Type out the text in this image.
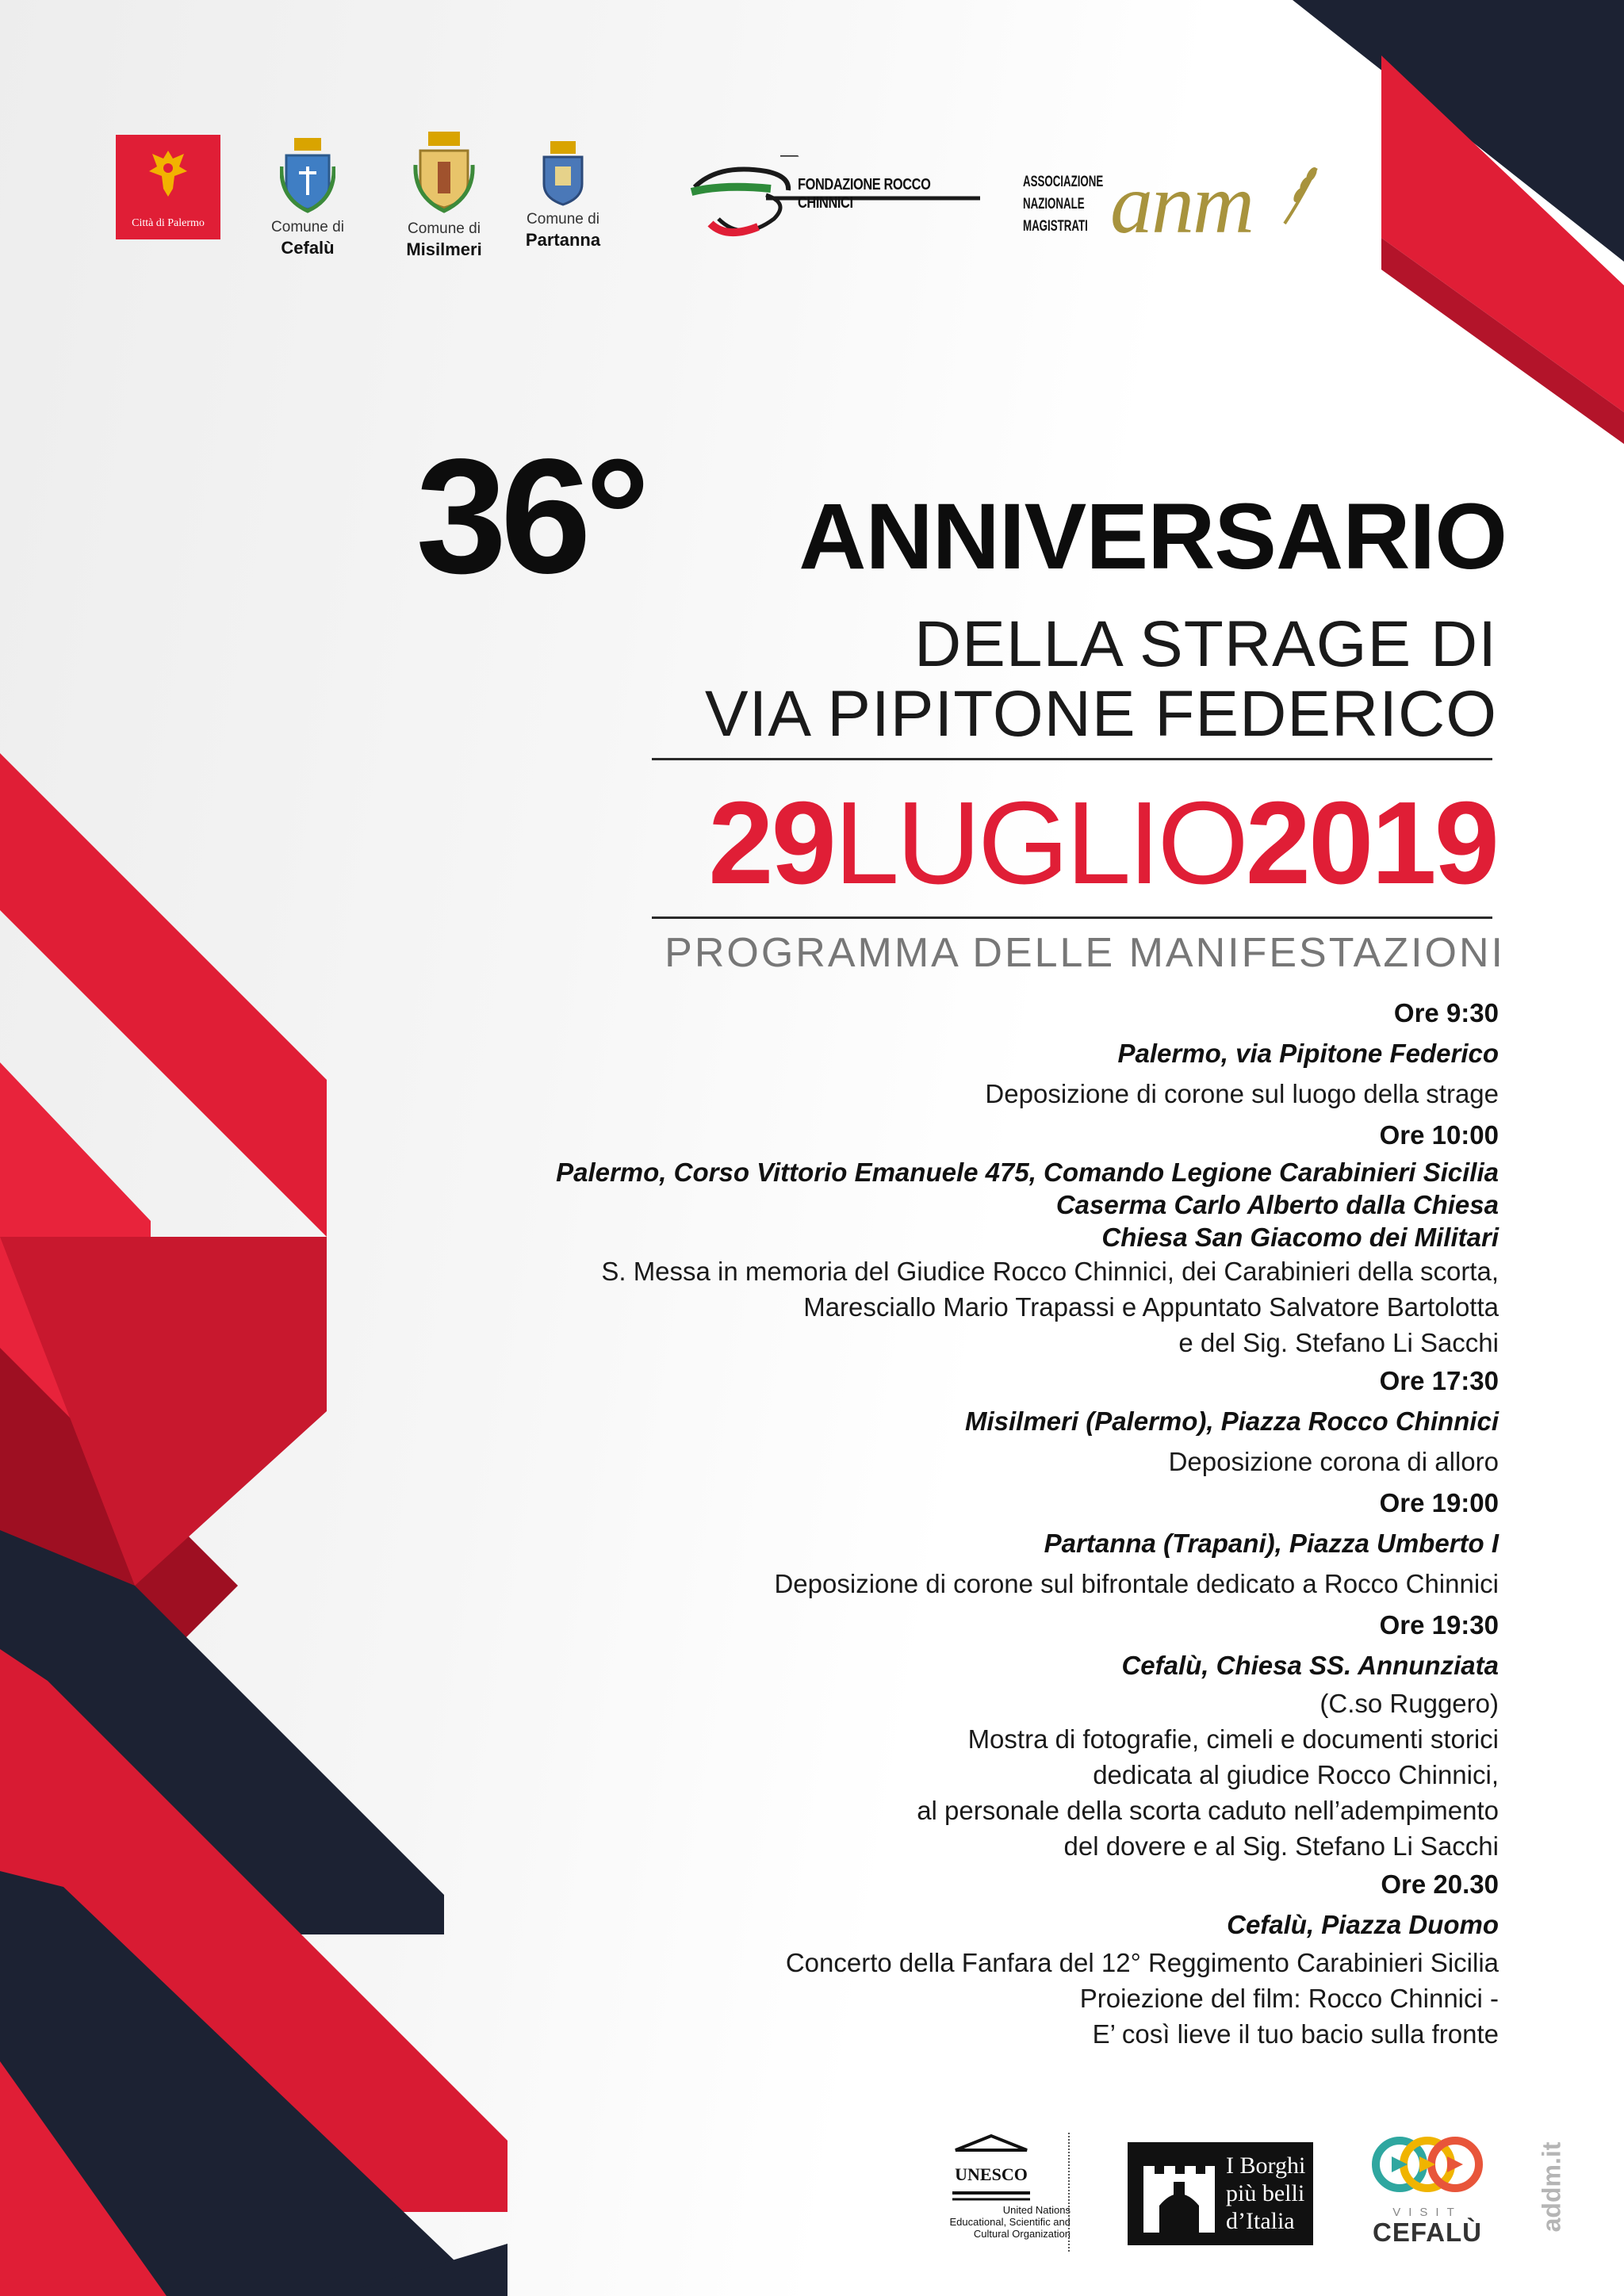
Città di Palermo	Comune di
Cefalù
Comune di
Misilmeri
Comune di
Partanna
FONDAZIONE ROCCO CHINNICI
ASSOCIAZIONE
NAZIONALE
MAGISTRATI anm
36° ANNIVERSARIO
DELLA STRAGE DI
VIA PIPITONE FEDERICO
29LUGLIO2019
PROGRAMMA DELLE MANIFESTAZIONI
Ore 9:30
Palermo, via Pipitone Federico
Deposizione di corone sul luogo della strage
Ore 10:00
Palermo, Corso Vittorio Emanuele 475, Comando Legione Carabinieri Sicilia
Caserma Carlo Alberto dalla Chiesa
Chiesa San Giacomo dei Militari
S. Messa in memoria del Giudice Rocco Chinnici, dei Carabinieri della scorta,
Maresciallo Mario Trapassi e Appuntato Salvatore Bartolotta
e del Sig. Stefano Li Sacchi
Ore 17:30
Misilmeri (Palermo), Piazza Rocco Chinnici
Deposizione corona di alloro
Ore 19:00
Partanna (Trapani), Piazza Umberto I
Deposizione di corone sul bifrontale dedicato a Rocco Chinnici
Ore 19:30
Cefalù, Chiesa SS. Annunziata
(C.so Ruggero)
Mostra di fotografie, cimeli e documenti storici
dedicata al giudice Rocco Chinnici,
al personale della scorta caduto nell’adempimento
del dovere e al Sig. Stefano Li Sacchi
Ore 20.30
Cefalù, Piazza Duomo
Concerto della Fanfara del 12° Reggimento Carabinieri Sicilia
Proiezione del film: Rocco Chinnici -
E’ così lieve il tuo bacio sulla fronte
UNESCO
United Nations
Educational, Scientific and
Cultural Organization
I Borghi
più belli
d’Italia	VISIT
CEFALÙ
addm.it
